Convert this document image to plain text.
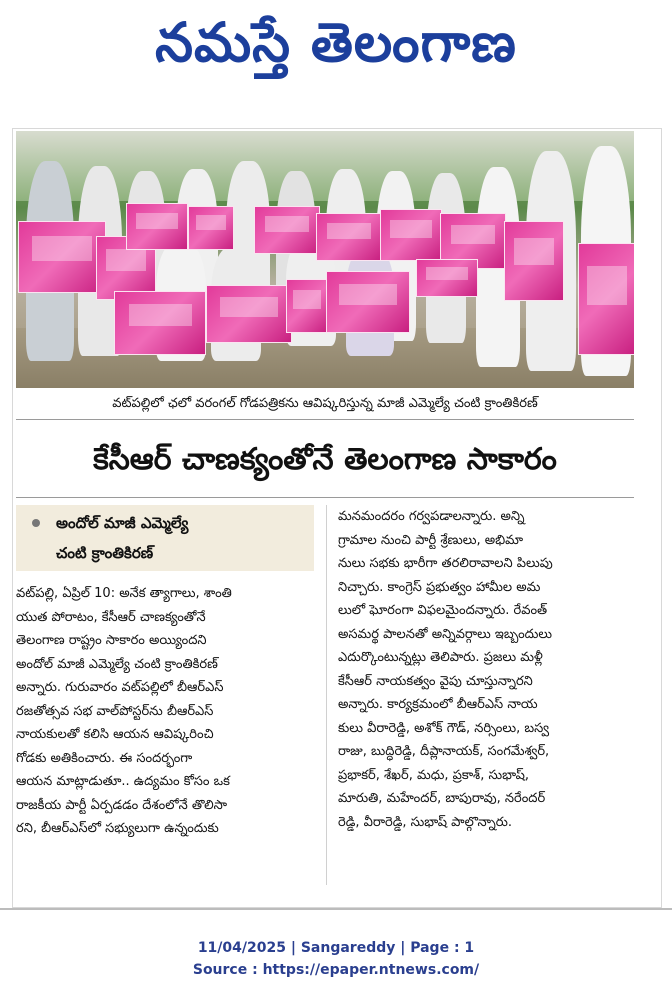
నమస్తే తెలంగాణ
వట్‌పల్లిలో ఛలో వరంగల్ గోడపత్రికను ఆవిష్కరిస్తున్న మాజీ ఎమ్మెల్యే చంటి క్రాంతికిరణ్
కేసీఆర్ చాణక్యంతోనే తెలంగాణ సాకారం
అందోల్ మాజీ ఎమ్మెల్యే
చంటి క్రాంతికిరణ్
వట్‌పల్లి, ఏప్రిల్ 10: అనేక త్యాగాలు, శాంతి
యుత పోరాటం, కేసీఆర్ చాణక్యంతోనే
తెలంగాణ రాష్ట్రం సాకారం అయ్యిందని
అందోల్ మాజీ ఎమ్మెల్యే చంటి క్రాంతికిరణ్
అన్నారు. గురువారం వట్‌పల్లిలో బీఆర్‌ఎస్
రజతోత్సవ సభ వాల్‌పోస్టర్‌ను బీఆర్‌ఎస్
నాయకులతో కలిసి ఆయన ఆవిష్కరించి
గోడకు అతికించారు. ఈ సందర్భంగా
ఆయన మాట్లాడుతూ.. ఉద్యమం కోసం ఒక
రాజకీయ పార్టీ ఏర్పడడం దేశంలోనే తొలిసా
రని, బీఆర్‌ఎస్‌లో సభ్యులుగా ఉన్నందుకు
మనమందరం గర్వపడాలన్నారు. అన్ని
గ్రామాల నుంచి పార్టీ శ్రేణులు, అభిమా
నులు సభకు భారీగా తరలిరావాలని పిలుపు
నిచ్చారు. కాంగ్రెస్ ప్రభుత్వం హామీల అమ
లులో ఘోరంగా విఫలమైందన్నారు. రేవంత్
అసమర్థ పాలనతో అన్నివర్గాలు ఇబ్బందులు
ఎదుర్కొంటున్నట్లు తెలిపారు. ప్రజలు మళ్లీ
కేసీఆర్ నాయకత్వం వైపు చూస్తున్నారని
అన్నారు. కార్యక్రమంలో బీఆర్‌ఎస్ నాయ
కులు వీరారెడ్డి, అశోక్ గౌడ్, నర్సింలు, బస్వ
రాజు, బుద్ధిరెడ్డి, దీప్లానాయక్, సంగమేశ్వర్,
ప్రభాకర్, శేఖర్, మధు, ప్రకాశ్, సుభాష్,
మారుతి, మహేందర్, బాపురావు, నరేందర్
రెడ్డి, వీరారెడ్డి, సుభాష్ పాల్గొన్నారు.
11/04/2025 | Sangareddy | Page : 1
Source : https://epaper.ntnews.com/
